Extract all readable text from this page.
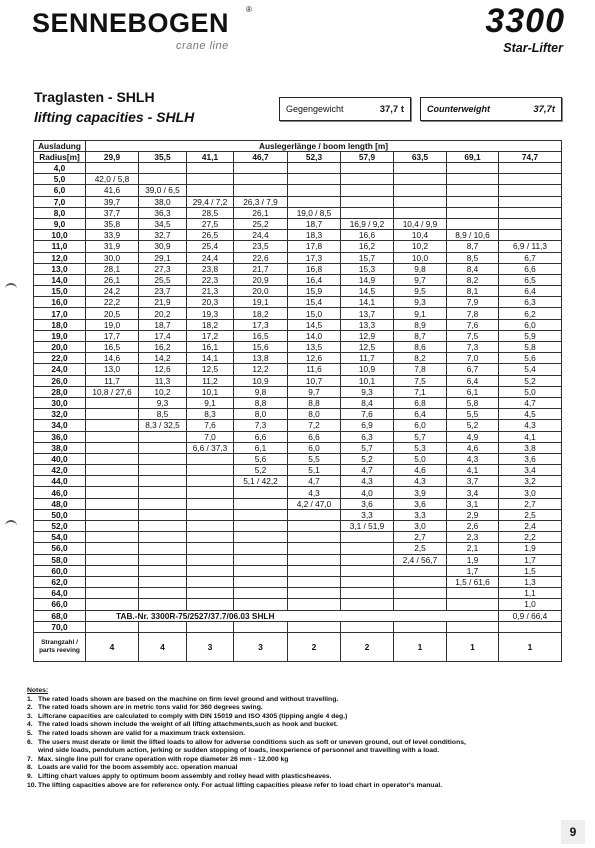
SENNEBOGEN ®
crane line
3300
Star-Lifter
Traglasten - SHLH
lifting capacities - SHLH	Gegengewicht	37,7 t	Counterweight	37,7t
Ausladung	Auslegerlänge / boom length [m]								
Radius[m]	29,9	35,5	41,1	46,7	52,3	57,9	63,5	69,1	74,7
4,0									
5,0	42,0 / 5,8								
6,0	41,6	39,0 / 6,5							
7,0	39,7	38,0	29,4 / 7,2	26,3 / 7,9					
8,0	37,7	36,3	28,5	26,1	19,0 / 8,5				
9,0	35,8	34,5	27,5	25,2	18,7	16,9 / 9,2	10,4 / 9,9		
10,0	33,9	32,7	26,5	24,4	18,3	16,6	10,4	8,9 / 10,6	
11,0	31,9	30,9	25,4	23,5	17,8	16,2	10,2	8,7	6,9 / 11,3
12,0	30,0	29,1	24,4	22,6	17,3	15,7	10,0	8,5	6,7
13,0	28,1	27,3	23,8	21,7	16,8	15,3	9,8	8,4	6,6
14,0	26,1	25,5	22,3	20,9	16,4	14,9	9,7	8,2	6,5
15,0	24,2	23,7	21,3	20,0	15,9	14,5	9,5	8,1	6,4
16,0	22,2	21,9	20,3	19,1	15,4	14,1	9,3	7,9	6,3
17,0	20,5	20,2	19,3	18,2	15,0	13,7	9,1	7,8	6,2
18,0	19,0	18,7	18,2	17,3	14,5	13,3	8,9	7,6	6,0
19,0	17,7	17,4	17,2	16,5	14,0	12,9	8,7	7,5	5,9
20,0	16,5	16,2	16,1	15,6	13,5	12,5	8,6	7,3	5,8
22,0	14,6	14,2	14,1	13,8	12,6	11,7	8,2	7,0	5,6
24,0	13,0	12,6	12,5	12,2	11,6	10,9	7,8	6,7	5,4
26,0	11,7	11,3	11,2	10,9	10,7	10,1	7,5	6,4	5,2
28,0	10,8 / 27,6	10,2	10,1	9,8	9,7	9,3	7,1	6,1	5,0
30,0		9,3	9,1	8,8	8,8	8,4	6,8	5,8	4,7
32,0		8,5	8,3	8,0	8,0	7,6	6,4	5,5	4,5
34,0		8,3 / 32,5	7,6	7,3	7,2	6,9	6,0	5,2	4,3
36,0			7,0	6,6	6,6	6,3	5,7	4,9	4,1
38,0			6,6 / 37,3	6,1	6,0	5,7	5,3	4,6	3,8
40,0				5,6	5,5	5,2	5,0	4,3	3,6
42,0				5,2	5,1	4,7	4,6	4,1	3,4
44,0				5,1 / 42,2	4,7	4,3	4,3	3,7	3,2
46,0					4,3	4,0	3,9	3,4	3,0
48,0					4,2 / 47,0	3,6	3,6	3,1	2,7
50,0						3,3	3,3	2,9	2,5
52,0						3,1 / 51,9	3,0	2,6	2,4
54,0							2,7	2,3	2,2
56,0							2,5	2,1	1,9
58,0							2,4 / 56,7	1,9	1,7
60,0								1,7	1,5
62,0								1,5 / 61,6	1,3
64,0									1,1
66,0									1,0
68,0	TAB.-Nr. 3300R-75/2527/37.7/06.03 SHLH								0,9 / 66,4
70,0									
Strangzahl /
parts reeving	4	4	3	3	2	2	1	1	1
Notes:
1. The rated loads shown are based on the machine on firm level ground and without travelling.
2. The rated loads shown are in metric tons valid for 360 degrees swing.
3. Liftcrane capacities are calculated to comply with DIN 15019 and ISO 4305 (tipping angle 4 deg.)
4. The rated loads shown include the weight of all lifting attachments,such as hook and bucket.
5. The rated loads shown are valid for a maximum track extension.
6. The users must derate or limit the lifted loads to allow for adverse conditions such as soft or uneven ground, out of level conditions,
wind side loads, pendulum action, jerking or sudden stopping of loads, inexperience of personnel and travelling with a load.
7. Max. single line pull for crane operation with rope diameter 26 mm - 12.000 kg
8. Loads are valid for the boom assembly acc. operation manual
9. Lifting chart values apply to optimum boom assembly and rolley head with plasticsheaves.
10. The lifting capacities above are for reference only. For actual lifting capacities please refer to load chart in operator's manual.
9
